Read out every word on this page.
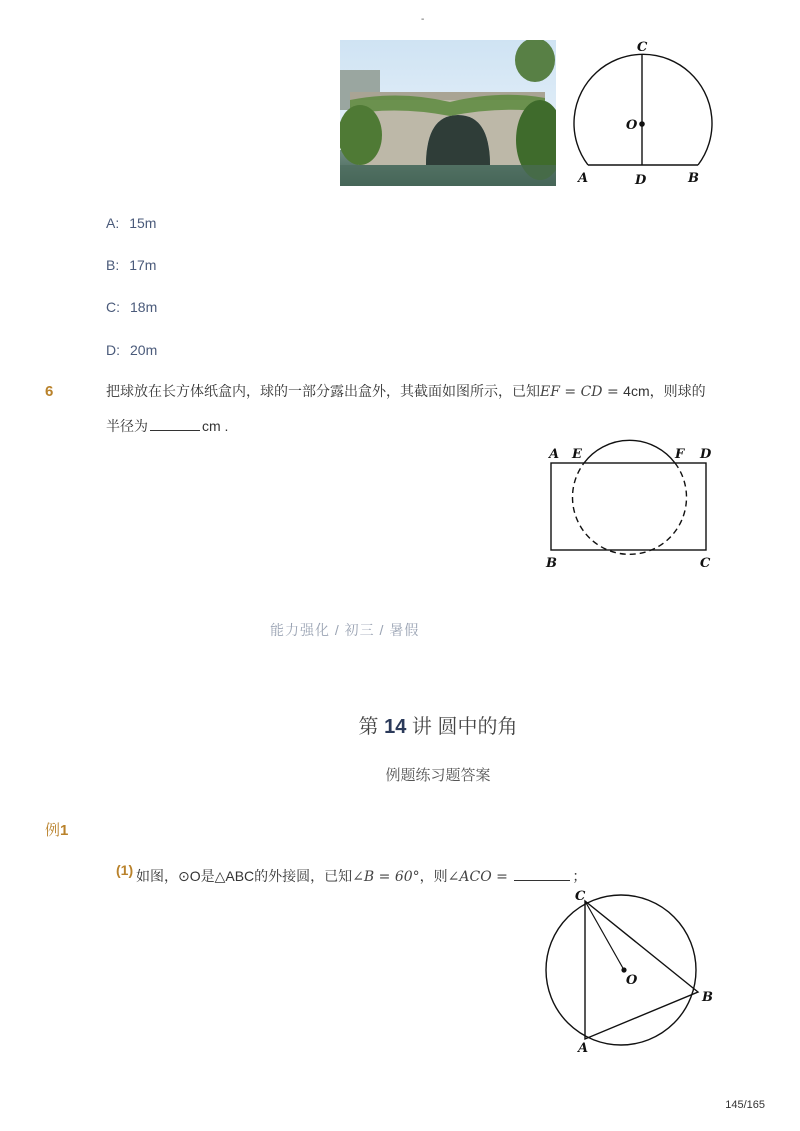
-
C
O
A	D	B
A: 15m
B: 17m
C: 18m
D: 20m
6	把球放在长方体纸盒内，球的一部分露出盒外，其截面如图所示，已知EF = CD = 4cm，则球的
半径为	cm .
A E	F D
B	C
能力强化 / 初三 / 暑假
第 14 讲 圆中的角
例题练习题答案
例1
(1) 如图，⊙O是△ABC的外接圆，已知∠B = 60°，则∠ACO =	；
C
O
B
A
145/165
